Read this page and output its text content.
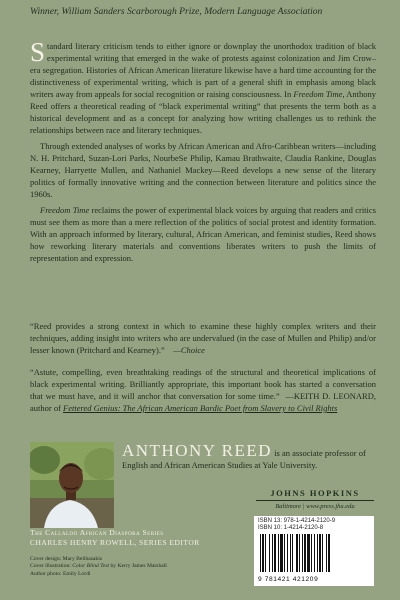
Winner, William Sanders Scarborough Prize, Modern Language Association

Standard literary criticism tends to either ignore or downplay the unorthodox tradition of black experimental writing that emerged in the wake of protests against colonization and Jim Crow–era segregation. Histories of African American literature likewise have a hard time accounting for the distinctiveness of experimental writing, which is part of a general shift in emphasis among black writers away from appeals for social recognition or raising consciousness. In Freedom Time, Anthony Reed offers a theoretical reading of “black experimental writing” that presents the term both as a historical development and as a concept for analyzing how writing challenges us to rethink the relationships between race and literary techniques.

Through extended analyses of works by African American and Afro-Caribbean writers—including N. H. Pritchard, Suzan-Lori Parks, NourbeSe Philip, Kamau Brathwaite, Claudia Rankine, Douglas Kearney, Harryette Mullen, and Nathaniel Mackey—Reed develops a new sense of the literary politics of formally innovative writing and the connection between literature and politics since the 1960s.

Freedom Time reclaims the power of experimental black voices by arguing that readers and critics must see them as more than a mere reflection of the politics of social protest and identity formation. With an approach informed by literary, cultural, African American, and feminist studies, Reed shows how reworking literary materials and conventions liberates writers to push the limits of representation and expression.

“Reed provides a strong context in which to examine these highly complex writers and their techniques, adding insight into writers who are undervalued (in the case of Mullen and Philip) and/or lesser known (Pritchard and Kearney).” —Choice
“Astute, compelling, even breathtaking readings of the structural and theoretical implications of black experimental writing. Brilliantly appropriate, this important book has started a conversation that we must have, and it will anchor that conversation for some time.” —KEITH D. LEONARD, author of Fettered Genius: The African American Bardic Poet from Slavery to Civil Rights
ANTHONY REED is an associate professor of English and African American Studies at Yale University.
JOHNS HOPKINS
Baltimore | www.press.jhu.edu
The Callaloo African Diaspora Series
CHARLES HENRY ROWELL, SERIES EDITOR
Cover design: Mary Belibasakis
Cover illustration: Color Blind Test by Kerry James Marshall
Author photo: Emily Lordi
ISBN 13: 978-1-4214-2120-9
ISBN 10: 1-4214-2120-8
9 781421 421209
